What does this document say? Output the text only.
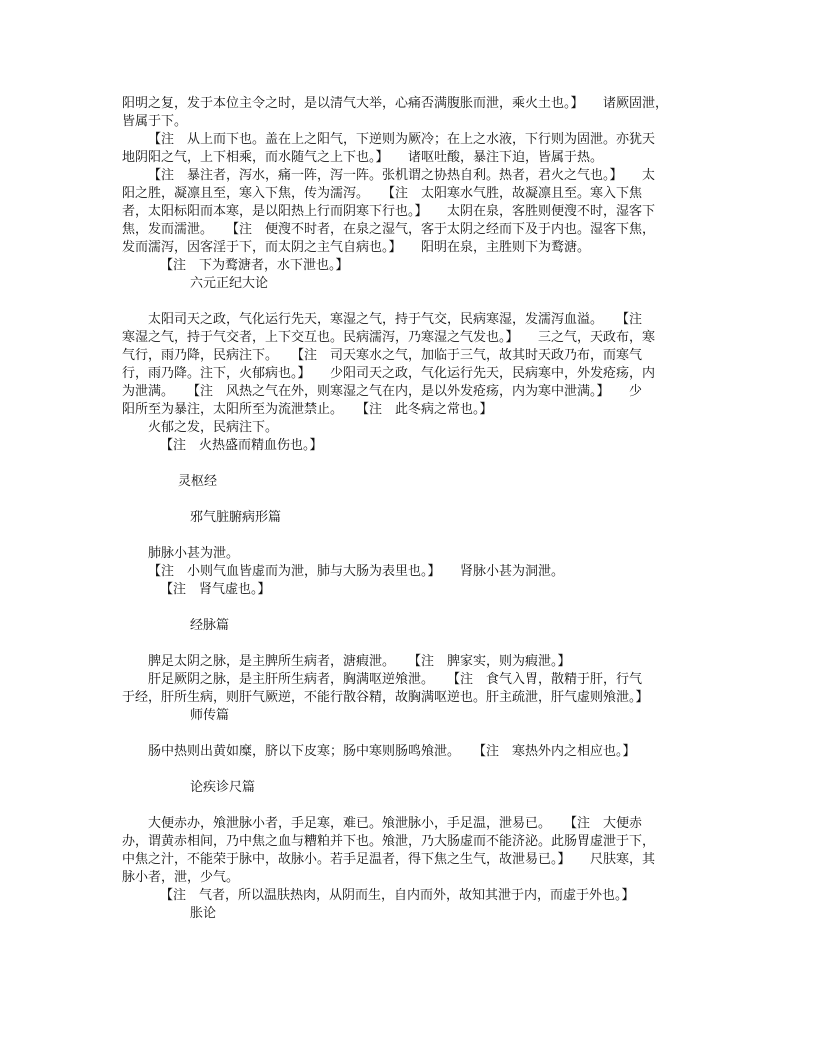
阳明之复，发于本位主令之时，是以清气大举，心痛否满腹胀而泄，乘火土也。】　　诸厥固泄，
皆属于下。
【注　从上而下也。盖在上之阳气，下逆则为厥冷；在上之水液，下行则为固泄。亦犹天
地阴阳之气，上下相乘，而水随气之上下也。】　　诸呕吐酸，暴注下迫，皆属于热。
【注　暴注者，泻水，痛一阵，泻一阵。张机谓之协热自利。热者，君火之气也。】　　太
阳之胜，凝凛且至，寒入下焦，传为濡泻。　　【注　太阳寒水气胜，故凝凛且至。寒入下焦
者，太阳标阳而本寒，是以阳热上行而阴寒下行也。】　　太阴在泉，客胜则便溲不时，湿客下
焦，发而濡泄。　　【注　便溲不时者，在泉之湿气，客于太阴之经而下及于内也。湿客下焦，
发而濡泻，因客淫于下，而太阴之主气自病也。】　　阳明在泉，主胜则下为鹜溏。
【注　下为鹜溏者，水下泄也。】
六元正纪大论
太阳司天之政，气化运行先天，寒湿之气，持于气交，民病寒湿，发濡泻血溢。　　【注
寒湿之气，持于气交者，上下交互也。民病濡泻，乃寒湿之气发也。】　　三之气，天政布，寒
气行，雨乃降，民病注下。　　【注　司天寒水之气，加临于三气，故其时天政乃布，而寒气
行，雨乃降。注下，火郁病也。】　　少阳司天之政，气化运行先天，民病寒中，外发疮疡，内
为泄满。　　【注　风热之气在外，则寒湿之气在内，是以外发疮疡，内为寒中泄满。】　　少
阳所至为暴注，太阳所至为流泄禁止。　　【注　此冬病之常也。】
火郁之发，民病注下。
【注　火热盛而精血伤也。】
灵枢经
邪气脏腑病形篇
肺脉小甚为泄。
【注　小则气血皆虚而为泄，肺与大肠为表里也。】　　肾脉小甚为洞泄。
【注　肾气虚也。】
经脉篇
脾足太阴之脉，是主脾所生病者，溏瘕泄。　　【注　脾家实，则为瘕泄。】
肝足厥阴之脉，是主肝所生病者，胸满呕逆飧泄。　　【注　食气入胃，散精于肝，行气
于经，肝所生病，则肝气厥逆，不能行散谷精，故胸满呕逆也。肝主疏泄，肝气虚则飧泄。】
师传篇
肠中热则出黄如糜，脐以下皮寒；肠中寒则肠鸣飧泄。　　【注　寒热外内之相应也。】
论疾诊尺篇
大便赤办，飧泄脉小者，手足寒，难已。飧泄脉小，手足温，泄易已。　　【注　大便赤
办，谓黄赤相间，乃中焦之血与糟粕并下也。飧泄，乃大肠虚而不能济泌。此肠胃虚泄于下，
中焦之汁，不能荣于脉中，故脉小。若手足温者，得下焦之生气，故泄易已。】　　尺肤寒，其
脉小者，泄，少气。
【注　气者，所以温肤热肉，从阴而生，自内而外，故知其泄于内，而虚于外也。】
胀论
